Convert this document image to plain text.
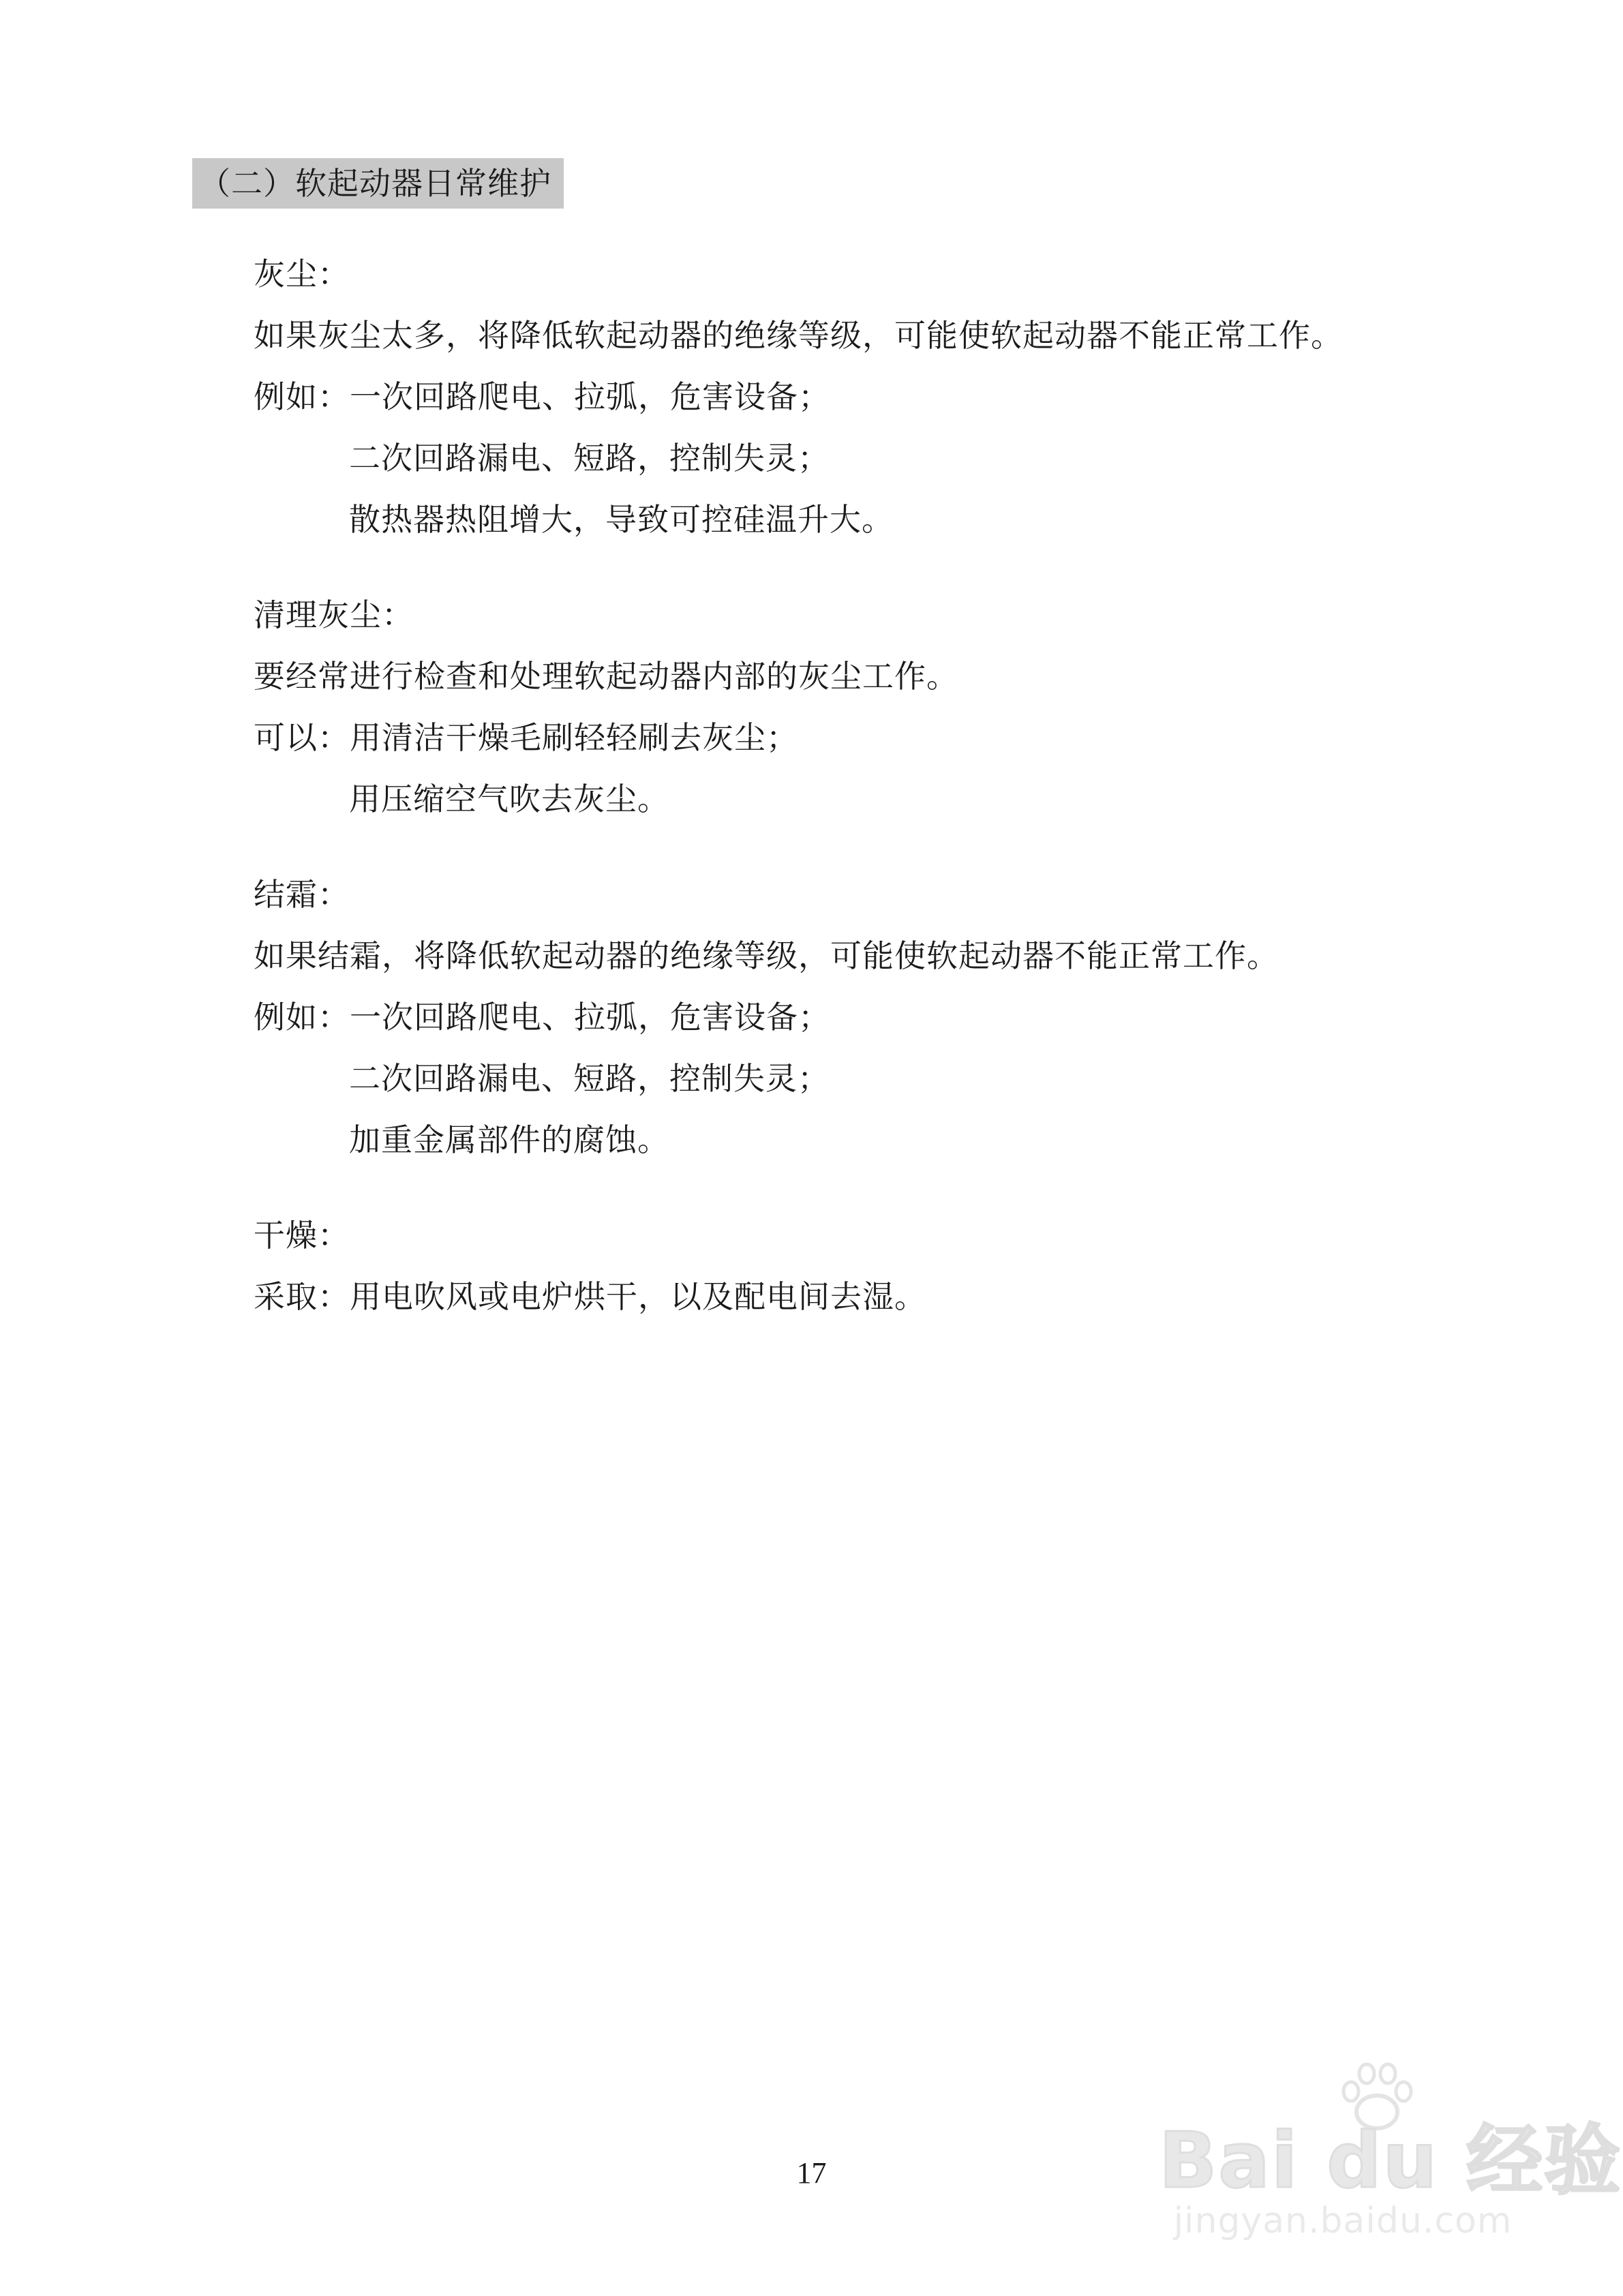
（二）软起动器日常维护
灰尘：
如果灰尘太多，将降低软起动器的绝缘等级，可能使软起动器不能正常工作。
例如：一次回路爬电、拉弧，危害设备；
二次回路漏电、短路，控制失灵；
散热器热阻增大，导致可控硅温升大。
清理灰尘：
要经常进行检查和处理软起动器内部的灰尘工作。
可以：用清洁干燥毛刷轻轻刷去灰尘；
用压缩空气吹去灰尘。
结霜：
如果结霜，将降低软起动器的绝缘等级，可能使软起动器不能正常工作。
例如：一次回路爬电、拉弧，危害设备；
二次回路漏电、短路，控制失灵；
加重金属部件的腐蚀。
干燥：
采取：用电吹风或电炉烘干，以及配电间去湿。
17	Bai du 经验
jingyan.baidu.com
